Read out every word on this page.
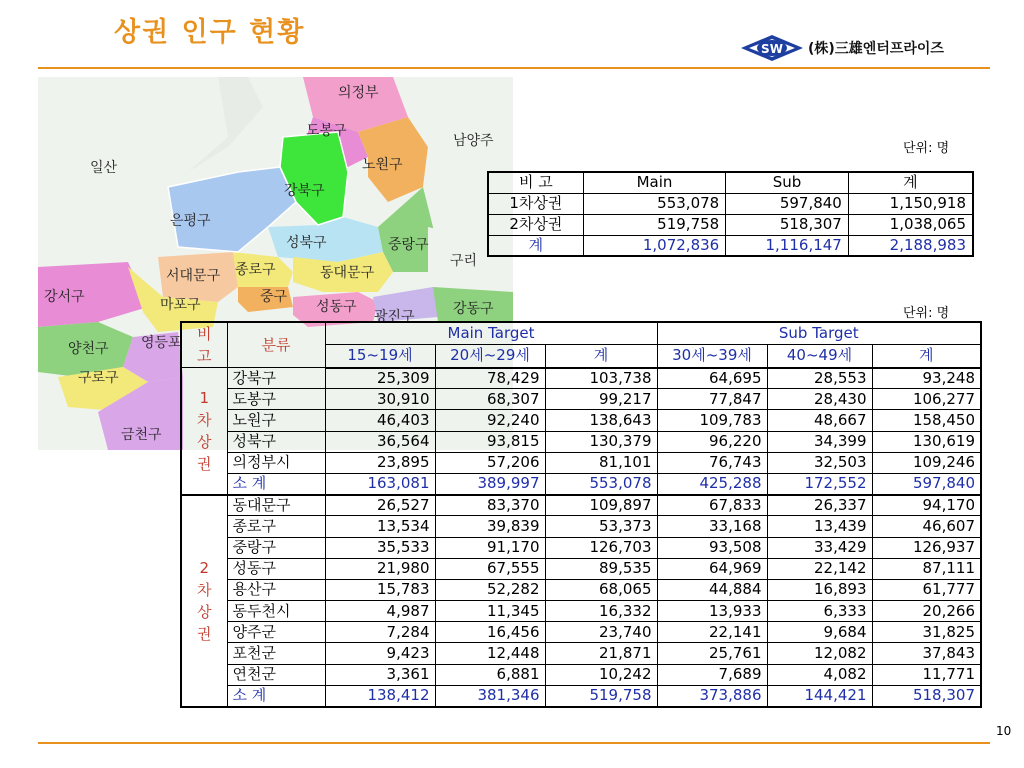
상권 인구 현황
SW (株)三雄엔터프라이즈
의정부
도봉구
노원구
남양주
일산
강북구
은평구
성북구	중랑구
구리
서대문구 종로구	동대문구
강서구	마포구	중구
성동구
광진구	강동구
양천구 영등포
구로구
금천구
단위: 명
비 고	Main	Sub	계
1차상권	553,078	597,840	1,150,918
2차상권	519,758	518,307	1,038,065
계	1,072,836	1,116,147	2,188,983
단위: 명
비
고	분류	Main Target			Sub Target		
		15~19세	20세~29세	계	30세~39세	40~49세	계
1
차
상
권	강북구	25,309	78,429	103,738	64,695	28,553	93,248
	도봉구	30,910	68,307	99,217	77,847	28,430	106,277
	노원구	46,403	92,240	138,643	109,783	48,667	158,450
	성북구	36,564	93,815	130,379	96,220	34,399	130,619
	의정부시	23,895	57,206	81,101	76,743	32,503	109,246
	소 계	163,081	389,997	553,078	425,288	172,552	597,840
2
차
상
권	동대문구	26,527	83,370	109,897	67,833	26,337	94,170
	종로구	13,534	39,839	53,373	33,168	13,439	46,607
	중랑구	35,533	91,170	126,703	93,508	33,429	126,937
	성동구	21,980	67,555	89,535	64,969	22,142	87,111
	용산구	15,783	52,282	68,065	44,884	16,893	61,777
	동두천시	4,987	11,345	16,332	13,933	6,333	20,266
	양주군	7,284	16,456	23,740	22,141	9,684	31,825
	포천군	9,423	12,448	21,871	25,761	12,082	37,843
	연천군	3,361	6,881	10,242	7,689	4,082	11,771
	소 계	138,412	381,346	519,758	373,886	144,421	518,307
10
